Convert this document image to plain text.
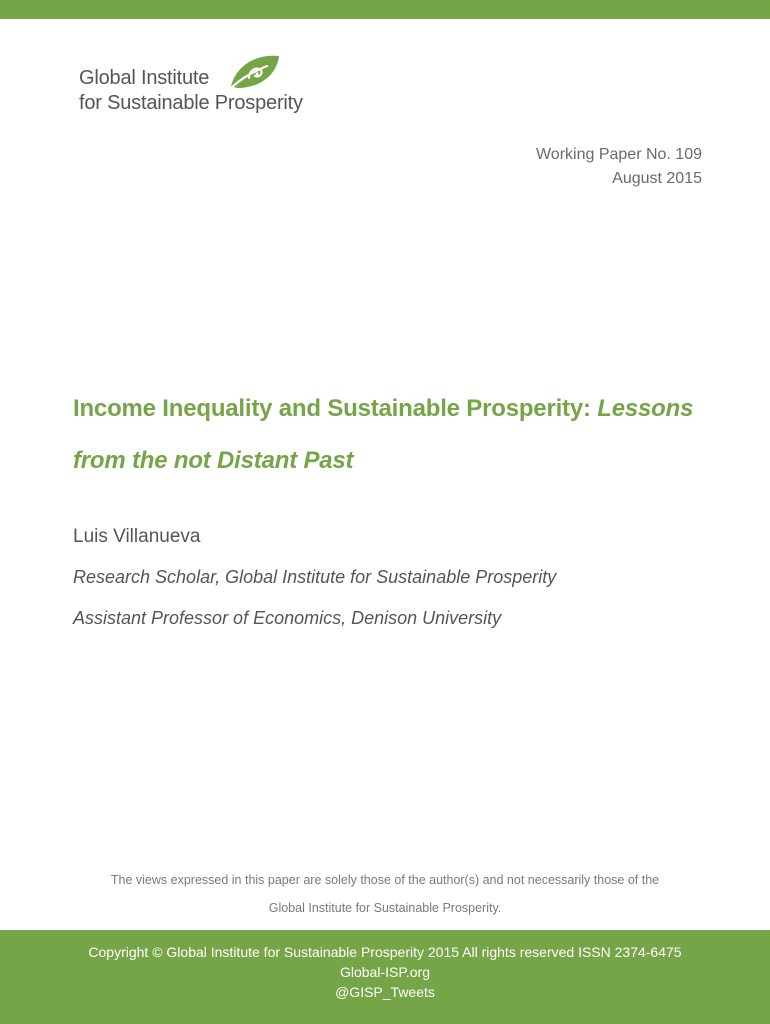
Global Institute
for Sustainable Prosperity
Working Paper No. 109
August 2015
Income Inequality and Sustainable Prosperity: Lessons
from the not Distant Past
Luis Villanueva
Research Scholar, Global Institute for Sustainable Prosperity
Assistant Professor of Economics, Denison University
The views expressed in this paper are solely those of the author(s) and not necessarily those of the
Global Institute for Sustainable Prosperity.
Copyright © Global Institute for Sustainable Prosperity 2015 All rights reserved ISSN 2374-6475
Global-ISP.org
@GISP_Tweets
